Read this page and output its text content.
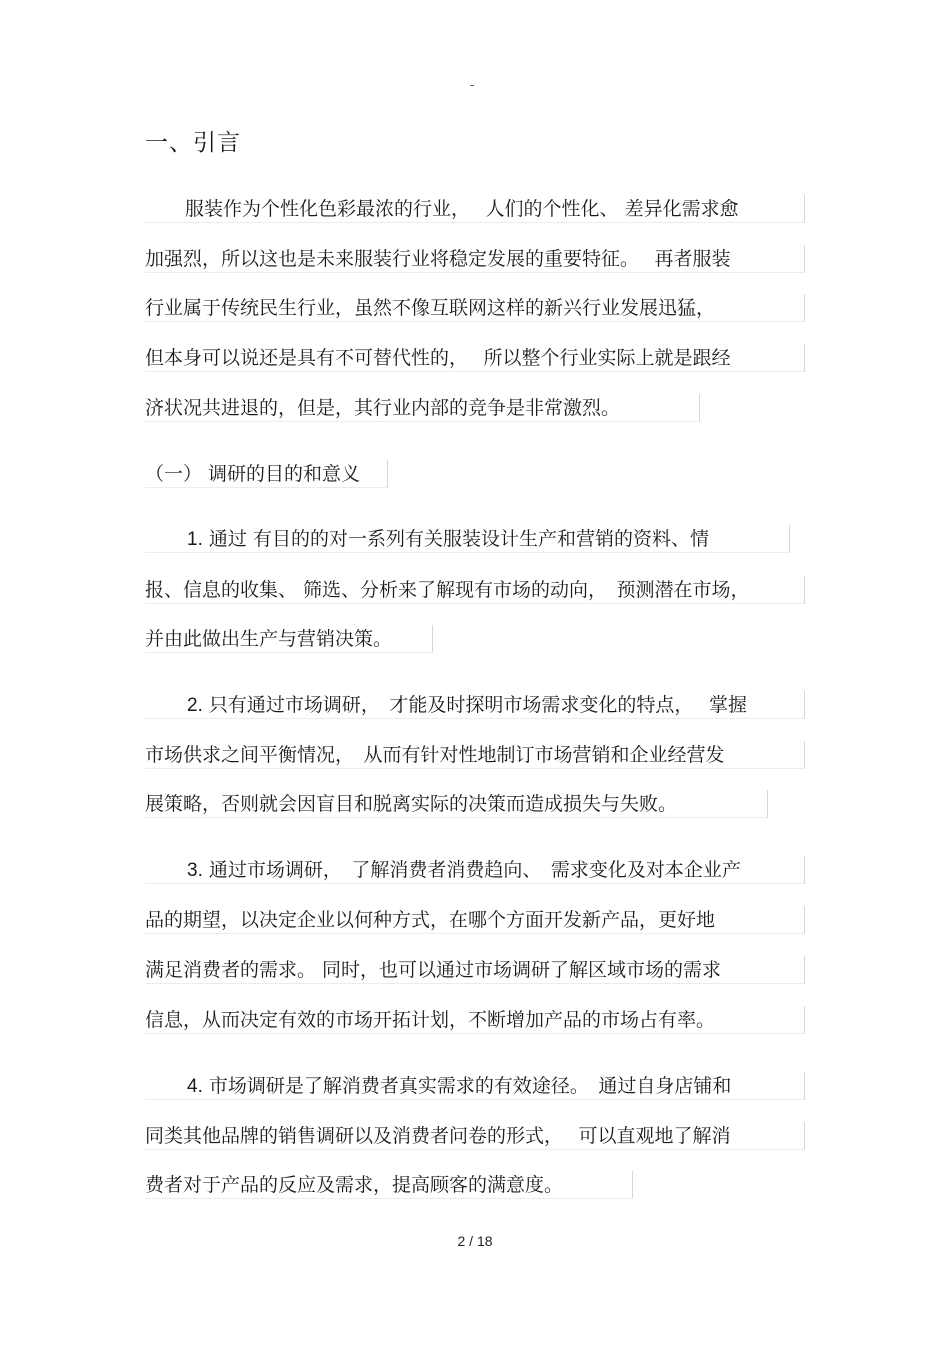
-
一、引言
服装作为个性化色彩最浓的行业，　 人们的个性化、 差异化需求愈
加强烈，所以这也是未来服装行业将稳定发展的重要特征。　 再者服装
行业属于传统民生行业，虽然不像互联网这样的新兴行业发展迅猛，
但本身可以说还是具有不可替代性的，　 所以整个行业实际上就是跟经
济状况共进退的，但是，其行业内部的竞争是非常激烈。
（一） 调研的目的和意义
1. 通过 有目的的对一系列有关服装设计生产和营销的资料、情
报、信息的收集、 筛选、分析来了解现有市场的动向，　预测潜在市场，
并由此做出生产与营销决策。
2. 只有通过市场调研，　才能及时探明市场需求变化的特点，　 掌握
市场供求之间平衡情况，　从而有针对性地制订市场营销和企业经营发
展策略，否则就会因盲目和脱离实际的决策而造成损失与失败。
3. 通过市场调研，　了解消费者消费趋向、　需求变化及对本企业产
品的期望，以决定企业以何种方式，在哪个方面开发新产品，更好地
满足消费者的需求。 同时，也可以通过市场调研了解区域市场的需求
信息，从而决定有效的市场开拓计划，不断增加产品的市场占有率。
4. 市场调研是了解消费者真实需求的有效途径。　通过自身店铺和
同类其他品牌的销售调研以及消费者问卷的形式，　 可以直观地了解消
费者对于产品的反应及需求，提高顾客的满意度。
2 / 18
